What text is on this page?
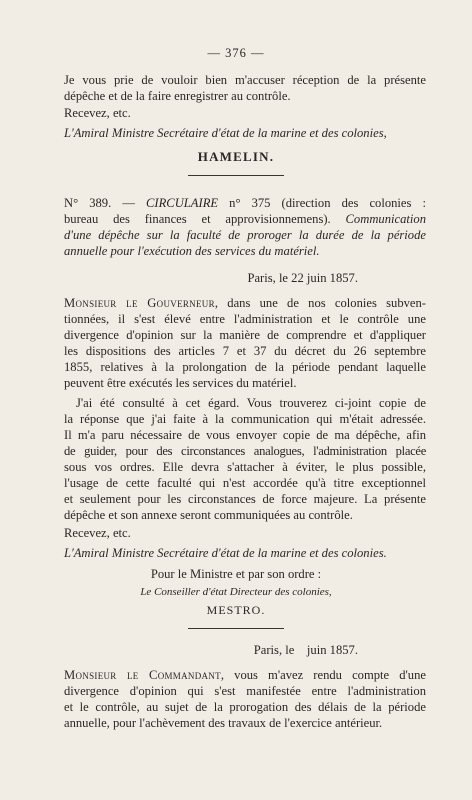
— 376 —
Je vous prie de vouloir bien m'accuser réception de la présente
dépêche et de la faire enregistrer au contrôle.
Recevez, etc.
L'Amiral Ministre Secrétaire d'état de la marine et des colonies,
HAMELIN.
N° 389. — CIRCULAIRE n° 375 (direction des colonies :
bureau des finances et approvisionnemens). Communication
d'une dépêche sur la faculté de proroger la durée de la période
annuelle pour l'exécution des services du matériel.
Paris, le 22 juin 1857.
Monsieur le Gouverneur, dans une de nos colonies subven-
tionnées, il s'est élevé entre l'administration et le contrôle une
divergence d'opinion sur la manière de comprendre et d'appliquer
les dispositions des articles 7 et 37 du décret du 26 septembre
1855, relatives à la prolongation de la période pendant laquelle
peuvent être exécutés les services du matériel.
J'ai été consulté à cet égard. Vous trouverez ci-joint copie de
la réponse que j'ai faite à la communication qui m'était adressée.
Il m'a paru nécessaire de vous envoyer copie de ma dépêche, afin
de guider, pour des circonstances analogues, l'administration placée
sous vos ordres. Elle devra s'attacher à éviter, le plus possible,
l'usage de cette faculté qui n'est accordée qu'à titre exceptionnel
et seulement pour les circonstances de force majeure. La présente
dépêche et son annexe seront communiquées au contrôle.
Recevez, etc.
L'Amiral Ministre Secrétaire d'état de la marine et des colonies.
Pour le Ministre et par son ordre :
Le Conseiller d'état Directeur des colonies,
MESTRO.
Paris, le    juin 1857.
Monsieur le Commandant, vous m'avez rendu compte d'une
divergence d'opinion qui s'est manifestée entre l'administration
et le contrôle, au sujet de la prorogation des délais de la période
annuelle, pour l'achèvement des travaux de l'exercice antérieur.
